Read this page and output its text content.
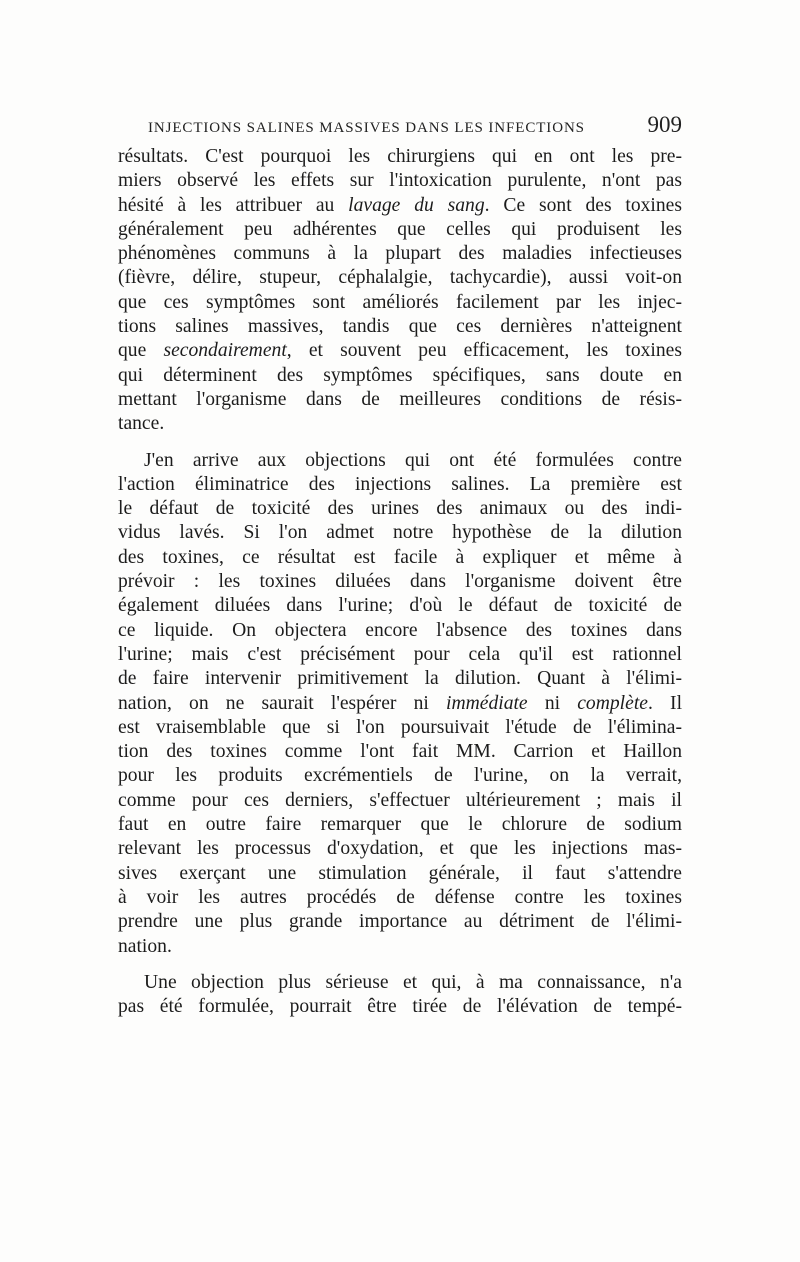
INJECTIONS SALINES MASSIVES DANS LES INFECTIONS	909
résultats. C'est pourquoi les chirurgiens qui en ont les pre-
miers observé les effets sur l'intoxication purulente, n'ont pas
hésité à les attribuer au lavage du sang. Ce sont des toxines
généralement peu adhérentes que celles qui produisent les
phénomènes communs à la plupart des maladies infectieuses
(fièvre, délire, stupeur, céphalalgie, tachycardie), aussi voit-on
que ces symptômes sont améliorés facilement par les injec-
tions salines massives, tandis que ces dernières n'atteignent
que secondairement, et souvent peu efficacement, les toxines
qui déterminent des symptômes spécifiques, sans doute en
mettant l'organisme dans de meilleures conditions de résis-
tance.
J'en arrive aux objections qui ont été formulées contre
l'action éliminatrice des injections salines. La première est
le défaut de toxicité des urines des animaux ou des indi-
vidus lavés. Si l'on admet notre hypothèse de la dilution
des toxines, ce résultat est facile à expliquer et même à
prévoir : les toxines diluées dans l'organisme doivent être
également diluées dans l'urine; d'où le défaut de toxicité de
ce liquide. On objectera encore l'absence des toxines dans
l'urine; mais c'est précisément pour cela qu'il est rationnel
de faire intervenir primitivement la dilution. Quant à l'élimi-
nation, on ne saurait l'espérer ni immédiate ni complète. Il
est vraisemblable que si l'on poursuivait l'étude de l'élimina-
tion des toxines comme l'ont fait MM. Carrion et Haillon
pour les produits excrémentiels de l'urine, on la verrait,
comme pour ces derniers, s'effectuer ultérieurement ; mais il
faut en outre faire remarquer que le chlorure de sodium
relevant les processus d'oxydation, et que les injections mas-
sives exerçant une stimulation générale, il faut s'attendre
à voir les autres procédés de défense contre les toxines
prendre une plus grande importance au détriment de l'élimi-
nation.
Une objection plus sérieuse et qui, à ma connaissance, n'a
pas été formulée, pourrait être tirée de l'élévation de tempé-
